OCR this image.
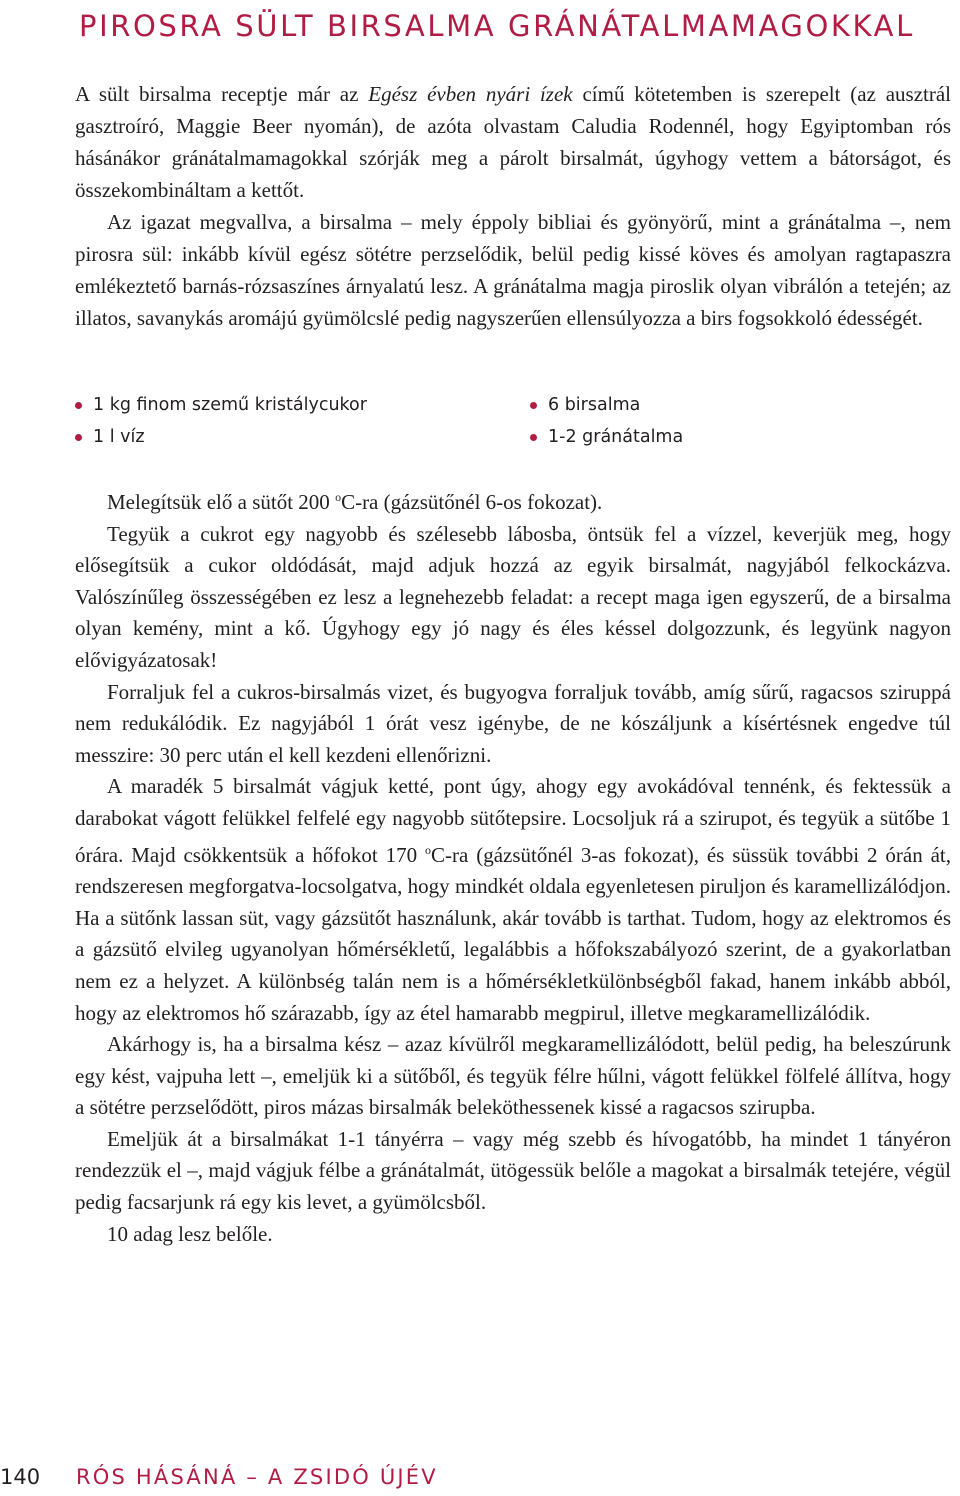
PIROSRA SÜLT BIRSALMA GRÁNÁTALMAMAGOKKAL

A sült birsalma receptje már az Egész évben nyári ízek című kötetemben is szerepelt (az ausztrál gasztroíró, Maggie Beer nyomán), de azóta olvastam Caludia Rodennél, hogy Egyiptomban rós hásánákor gránátalmamagokkal szórják meg a párolt birsalmát, úgyhogy vettem a bátorságot, és összekombináltam a kettőt.

Az igazat megvallva, a birsalma – mely éppoly bibliai és gyönyörű, mint a gránátalma –, nem pirosra sül: inkább kívül egész sötétre perzselődik, belül pedig kissé köves és amolyan ragtapaszra emlékeztető barnás-rózsaszínes árnyalatú lesz. A gránátalma magja piroslik olyan vibrálón a tetején; az illatos, savanykás aromájú gyümölcslé pedig nagyszerűen ellensúlyozza a birs fogsokkoló édességét.

1 kg finom szemű kristálycukor	6 birsalma
1 l víz	1-2 gránátalma

Melegítsük elő a sütőt 200 $^o$C-ra (gázsütőnél 6-os fokozat).

Tegyük a cukrot egy nagyobb és szélesebb lábosba, öntsük fel a vízzel, keverjük meg, hogy elősegítsük a cukor oldódását, majd adjuk hozzá az egyik birsalmát, nagyjából felkockázva. Valószínűleg összességében ez lesz a legnehezebb feladat: a recept maga igen egyszerű, de a birsalma olyan kemény, mint a kő. Úgyhogy egy jó nagy és éles késsel dolgozzunk, és legyünk nagyon elővigyázatosak!

Forraljuk fel a cukros-birsalmás vizet, és bugyogva forraljuk tovább, amíg sűrű, ragacsos sziruppá nem redukálódik. Ez nagyjából 1 órát vesz igénybe, de ne kószáljunk a kísértésnek engedve túl messzire: 30 perc után el kell kezdeni ellenőrizni.

A maradék 5 birsalmát vágjuk ketté, pont úgy, ahogy egy avokádóval tennénk, és fektessük a darabokat vágott felükkel felfelé egy nagyobb sütőtepsire. Locsoljuk rá a szirupot, és tegyük a sütőbe 1 órára. Majd csökkentsük a hőfokot 170 $^o$C-ra (gázsütőnél 3-as fokozat), és süssük további 2 órán át, rendszeresen megforgatva-locsolgatva, hogy mindkét oldala egyenletesen piruljon és karamellizálódjon. Ha a sütőnk lassan süt, vagy gázsütőt használunk, akár tovább is tarthat. Tudom, hogy az elektromos és a gázsütő elvileg ugyanolyan hőmérsékletű, legalábbis a hőfokszabályozó szerint, de a gyakorlatban nem ez a helyzet. A különbség talán nem is a hőmérsékletkülönbségből fakad, hanem inkább abból, hogy az elektromos hő szárazabb, így az étel hamarabb megpirul, illetve megkaramellizálódik.

Akárhogy is, ha a birsalma kész – azaz kívülről megkaramellizálódott, belül pedig, ha beleszúrunk egy kést, vajpuha lett –, emeljük ki a sütőből, és tegyük félre hűlni, vágott felükkel fölfelé állítva, hogy a sötétre perzselődött, piros mázas birsalmák beleköthessenek kissé a ragacsos szirupba.

Emeljük át a birsalmákat 1-1 tányérra – vagy még szebb és hívogatóbb, ha mindet 1 tányéron rendezzük el –, majd vágjuk félbe a gránátalmát, ütögessük belőle a magokat a birsalmák tetejére, végül pedig facsarjunk rá egy kis levet, a gyümölcsből.

10 adag lesz belőle.

140 RÓS HÁSÁNÁ – A ZSIDÓ ÚJÉV
